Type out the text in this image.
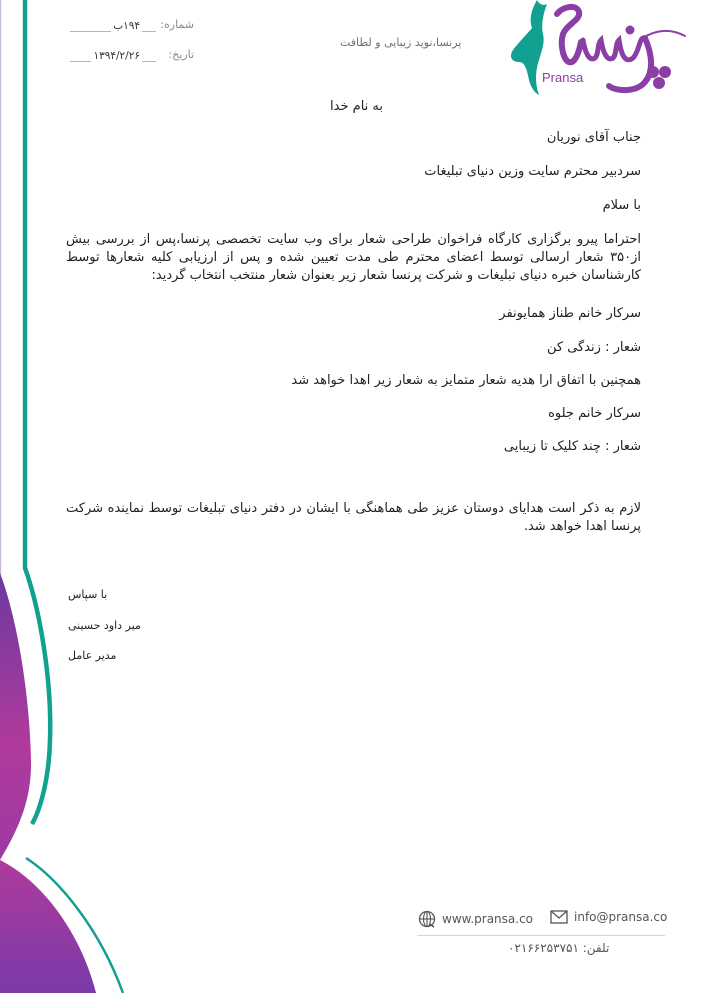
شماره:
۱۹۴ب
تاریخ:
۱۳۹۴/۲/۲۶
پرنسا،نوید زیبایی و لطافت
Pransa
به نام خدا
جناب آقای نوریان
سردبیر محترم سایت وزین دنیای تبلیغات
با سلام
احتراما پیرو برگزاری کارگاه فراخوان طراحی شعار برای وب سایت تخصصی پرنسا،پس از بررسی بیش از۳۵۰ شعار ارسالی توسط اعضای محترم طی مدت تعیین شده و پس از ارزیابی کلیه شعارها توسط کارشناسان خبره دنیای تبلیغات و شرکت پرنسا شعار زیر بعنوان شعار منتخب انتخاب گردید:
سرکار خانم طناز همایونفر
شعار : زندگی کن
همچنین با اتفاق ارا هدیه شعار متمایز به شعار زیر اهدا خواهد شد
سرکار خانم جلوه
شعار : چند کلیک تا زیبایی
لازم به ذکر است هدایای دوستان عزیز طی هماهنگی با ایشان در دفتر دنیای تبلیغات توسط نماینده شرکت پرنسا اهدا خواهد شد.
با سپاس
میر داود حسینی
مدیر عامل
www.pransa.co	info@pransa.co
تلفن: ۰۲۱۶۶۲۵۳۷۵۱
